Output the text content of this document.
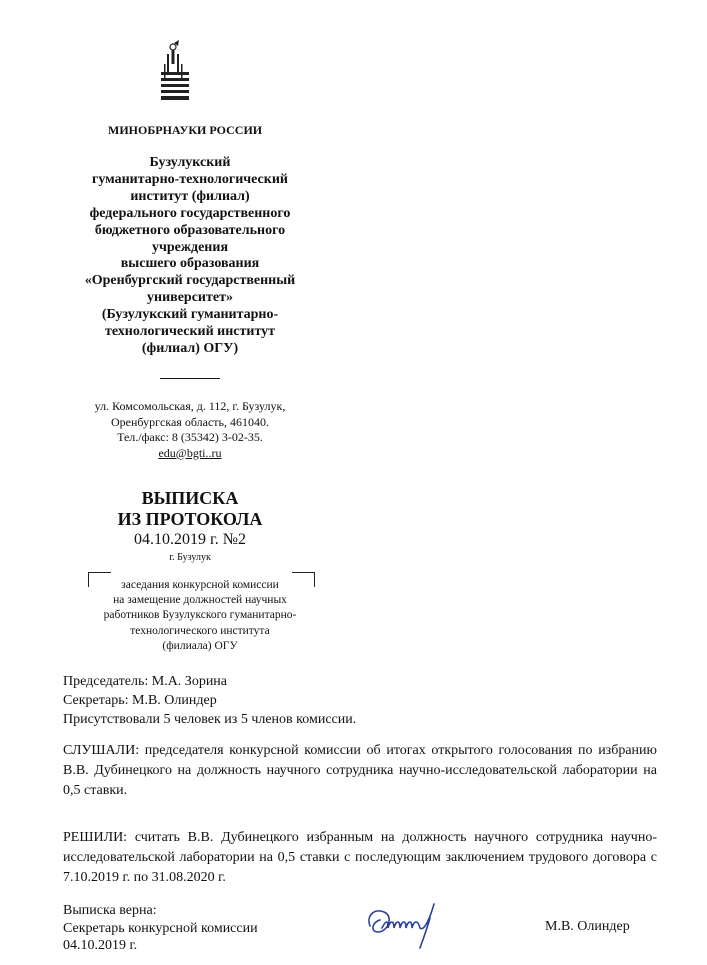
МИНОБРНАУКИ РОССИИ
Бузулукский
гуманитарно-технологический
институт (филиал)
федерального государственного
бюджетного образовательного
учреждения
высшего образования
«Оренбургский государственный
университет»
(Бузулукский гуманитарно-
технологический институт
(филиал) ОГУ)
ул. Комсомольская, д. 112, г. Бузулук,
Оренбургская область, 461040.
Тел./факс: 8 (35342) 3-02-35.
edu@bgti..ru
ВЫПИСКА
ИЗ ПРОТОКОЛА
04.10.2019 г. №2
г. Бузулук
заседания конкурсной комиссии
на замещение должностей научных
работников Бузулукского гуманитарно-
технологического института
(филиала) ОГУ
Председатель: М.А. Зорина
Секретарь: М.В. Олиндер
Присутствовали 5 человек из 5 членов комиссии.
СЛУШАЛИ: председателя конкурсной комиссии об итогах открытого голосования по избранию В.В. Дубинецкого на должность научного сотрудника научно-исследовательской лаборатории на 0,5 ставки.
РЕШИЛИ: считать В.В. Дубинецкого избранным на должность научного сотрудника научно-исследовательской лаборатории на 0,5 ставки с последующим заключением трудового договора с 7.10.2019 г. по 31.08.2020 г.
Выписка верна:
Секретарь конкурсной комиссии
04.10.2019 г.
М.В. Олиндер
